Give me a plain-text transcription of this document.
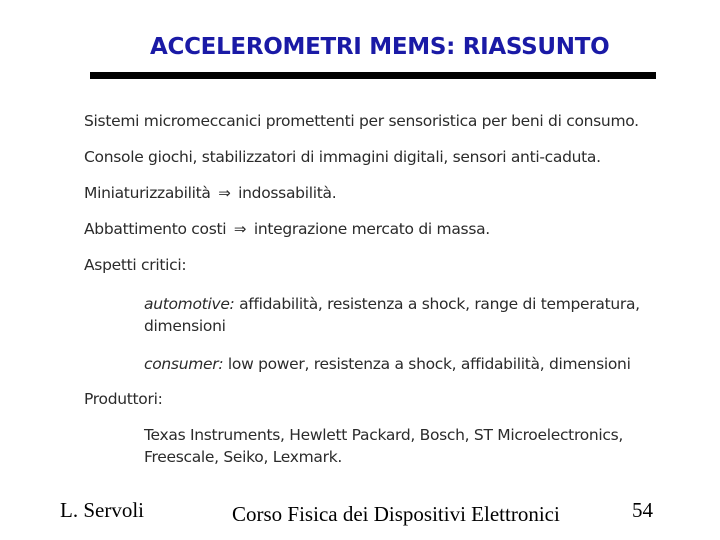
ACCELEROMETRI MEMS: RIASSUNTO
Sistemi micromeccanici promettenti per sensoristica per beni di consumo.
Console giochi, stabilizzatori di immagini digitali, sensori anti-caduta.
Miniaturizzabilità ⇒ indossabilità.
Abbattimento costi ⇒ integrazione mercato di massa.
Aspetti critici:
automotive: affidabilità, resistenza a shock, range di temperatura, dimensioni
consumer: low power, resistenza a shock, affidabilità, dimensioni
Produttori:
Texas Instruments, Hewlett Packard, Bosch, ST Microelectronics, Freescale, Seiko, Lexmark.
L. Servoli	Corso Fisica dei Dispositivi Elettronici	54
